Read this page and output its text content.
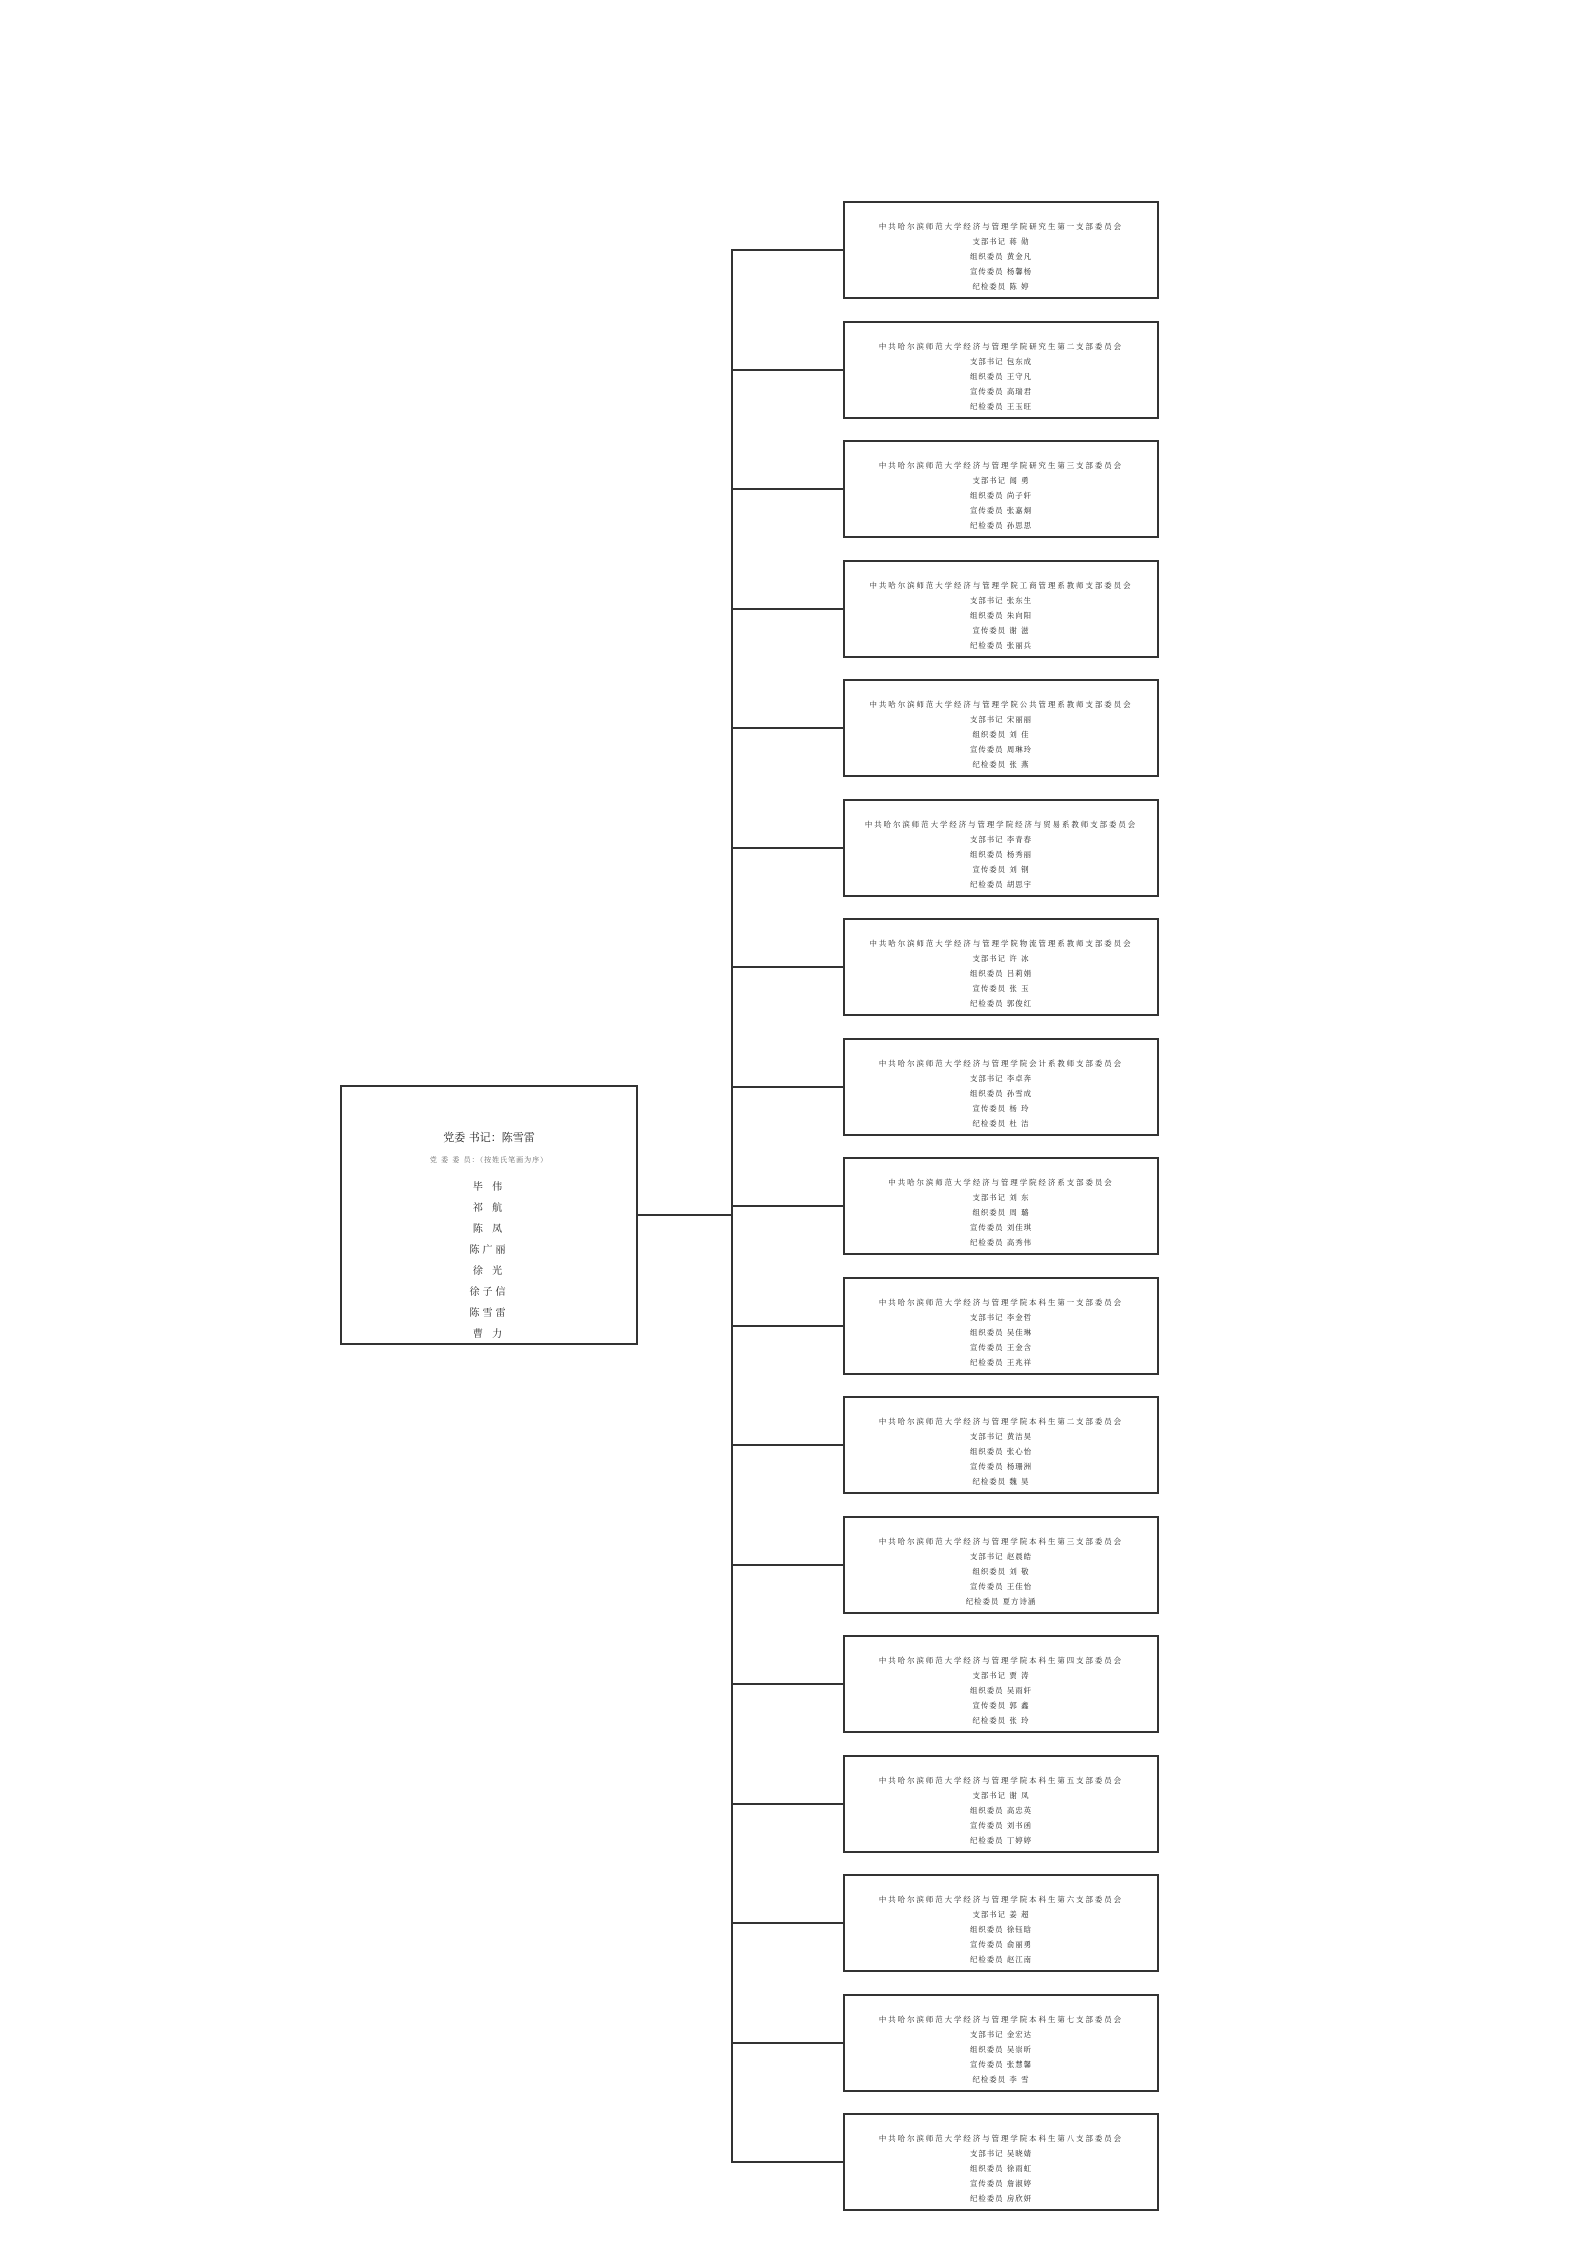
党委 书记：陈雪雷
党 委 委 员：（按姓氏笔画为序）
毕 伟
祁 航
陈 凤
陈广丽
徐 光
徐子信
陈雪雷
曹 力
中共哈尔滨师范大学经济与管理学院研究生第一支部委员会
支部书记 蒋 勋
组织委员 黄金凡
宣传委员 杨馨杨
纪检委员 陈 婷
中共哈尔滨师范大学经济与管理学院研究生第二支部委员会
支部书记 包东成
组织委员 王守凡
宣传委员 高瑞君
纪检委员 王玉旺
中共哈尔滨师范大学经济与管理学院研究生第三支部委员会
支部书记 闻 勇
组织委员 尚子轩
宣传委员 张嘉炯
纪检委员 孙思思
中共哈尔滨师范大学经济与管理学院工商管理系教师支部委员会
支部书记 张东生
组织委员 朱向阳
宣传委员 谢 滋
纪检委员 张丽兵
中共哈尔滨师范大学经济与管理学院公共管理系教师支部委员会
支部书记 宋丽丽
组织委员 刘 佳
宣传委员 周琳玲
纪检委员 张 燕
中共哈尔滨师范大学经济与管理学院经济与贸易系教师支部委员会
支部书记 李青春
组织委员 杨秀丽
宣传委员 刘 钢
纪检委员 胡思宇
中共哈尔滨师范大学经济与管理学院物流管理系教师支部委员会
支部书记 许 冰
组织委员 吕莉娟
宣传委员 张 玉
纪检委员 郭俊红
中共哈尔滨师范大学经济与管理学院会计系教师支部委员会
支部书记 李卓奔
组织委员 孙雪成
宣传委员 杨 玲
纪检委员 杜 洁
中共哈尔滨师范大学经济与管理学院经济系支部委员会
支部书记 刘 东
组织委员 周 璐
宣传委员 刘佳琪
纪检委员 高秀伟
中共哈尔滨师范大学经济与管理学院本科生第一支部委员会
支部书记 李金哲
组织委员 吴佳琳
宣传委员 王金含
纪检委员 王兆祥
中共哈尔滨师范大学经济与管理学院本科生第二支部委员会
支部书记 黄洁昊
组织委员 张心怡
宣传委员 杨珊洲
纪检委员 魏 昊
中共哈尔滨师范大学经济与管理学院本科生第三支部委员会
支部书记 赵晨皓
组织委员 刘 敬
宣传委员 王佳怡
纪检委员 夏方诗涵
中共哈尔滨师范大学经济与管理学院本科生第四支部委员会
支部书记 贾 涛
组织委员 吴雨轩
宣传委员 郭 鑫
纪检委员 张 玲
中共哈尔滨师范大学经济与管理学院本科生第五支部委员会
支部书记 谢 凤
组织委员 高忠英
宣传委员 刘书函
纪检委员 丁婷婷
中共哈尔滨师范大学经济与管理学院本科生第六支部委员会
支部书记 姜 超
组织委员 徐钰晗
宣传委员 俞丽勇
纪检委员 赵江南
中共哈尔滨师范大学经济与管理学院本科生第七支部委员会
支部书记 金宏达
组织委员 吴崇昕
宣传委员 张慧馨
纪检委员 李 雪
中共哈尔滨师范大学经济与管理学院本科生第八支部委员会
支部书记 吴晓婧
组织委员 徐雨虹
宣传委员 詹淑婷
纪检委员 房欣妍
